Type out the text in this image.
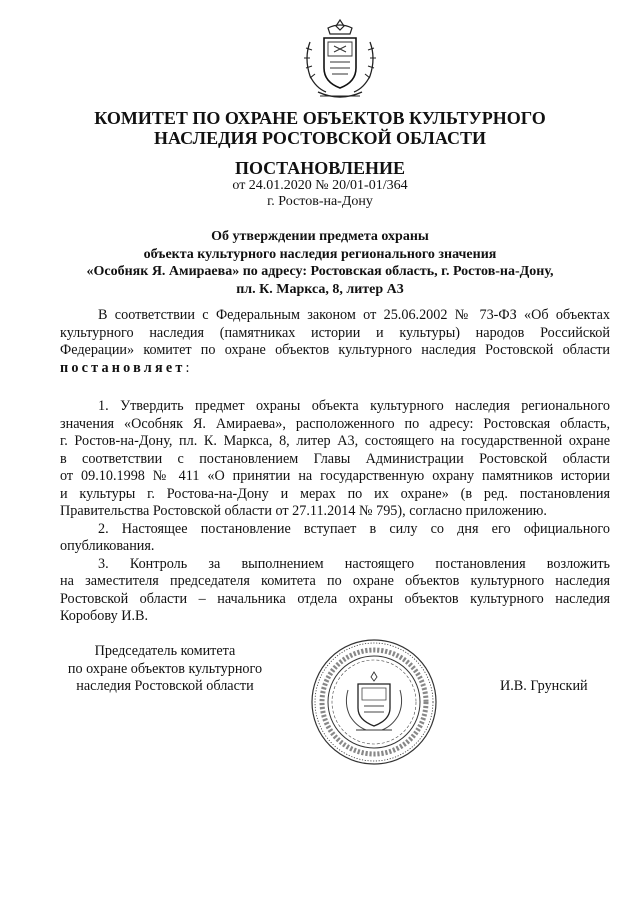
КОМИТЕТ ПО ОХРАНЕ ОБЪЕКТОВ КУЛЬТУРНОГО
НАСЛЕДИЯ РОСТОВСКОЙ ОБЛАСТИ
ПОСТАНОВЛЕНИЕ
от 24.01.2020 № 20/01-01/364
г. Ростов-на-Дону
Об утверждении предмета охраны
объекта культурного наследия регионального значения
«Особняк Я. Амираева» по адресу: Ростовская область, г. Ростов-на-Дону,
пл. К. Маркса, 8, литер А3
В соответствии с Федеральным законом от 25.06.2002 № 73-ФЗ «Об объектах
культурного наследия (памятниках истории и культуры) народов Российской
Федерации» комитет по охране объектов культурного наследия Ростовской области
постановляет:
1. Утвердить предмет охраны объекта культурного наследия регионального
значения «Особняк Я. Амираева», расположенного по адресу: Ростовская область,
г. Ростов-на-Дону, пл. К. Маркса, 8, литер А3, состоящего на государственной охране
в соответствии с постановлением Главы Администрации Ростовской области
от 09.10.1998 № 411 «О принятии на государственную охрану памятников истории
и культуры г. Ростова-на-Дону и мерах по их охране» (в ред. постановления
Правительства Ростовской области от 27.11.2014 № 795), согласно приложению.
2. Настоящее постановление вступает в силу со дня его официального
опубликования.
3. Контроль за выполнением настоящего постановления возложить
на заместителя председателя комитета по охране объектов культурного наследия
Ростовской области – начальника отдела охраны объектов культурного наследия
Коробову И.В.
Председатель комитета
по охране объектов культурного
наследия Ростовской области	И.В. Грунский
